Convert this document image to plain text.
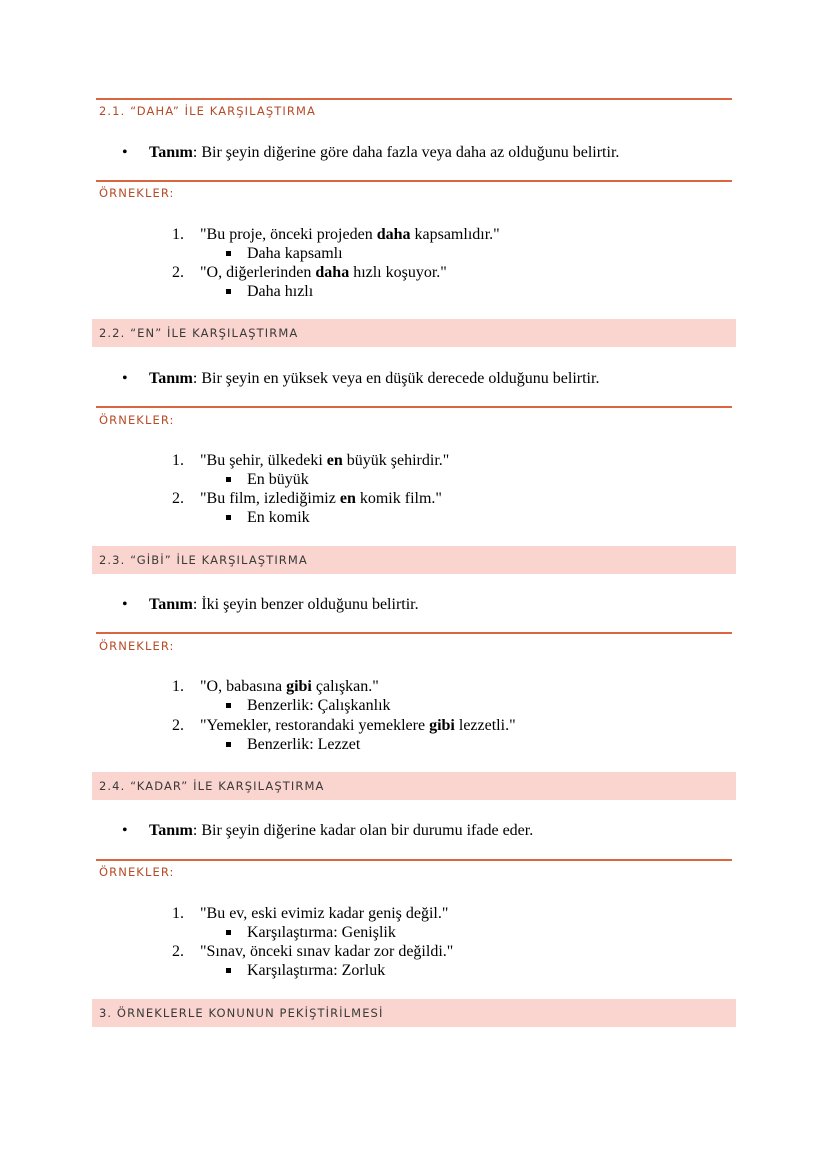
2.1. “DAHA” İLE KARŞILAŞTIRMA
• Tanım: Bir şeyin diğerine göre daha fazla veya daha az olduğunu belirtir.
ÖRNEKLER:
1. "Bu proje, önceki projeden daha kapsamlıdır."
Daha kapsamlı
2. "O, diğerlerinden daha hızlı koşuyor."
Daha hızlı
2.2. “EN” İLE KARŞILAŞTIRMA
• Tanım: Bir şeyin en yüksek veya en düşük derecede olduğunu belirtir.
ÖRNEKLER:
1. "Bu şehir, ülkedeki en büyük şehirdir."
En büyük
2. "Bu film, izlediğimiz en komik film."
En komik
2.3. “GİBİ” İLE KARŞILAŞTIRMA
• Tanım: İki şeyin benzer olduğunu belirtir.
ÖRNEKLER:
1. "O, babasına gibi çalışkan."
Benzerlik: Çalışkanlık
2. "Yemekler, restorandaki yemeklere gibi lezzetli."
Benzerlik: Lezzet
2.4. “KADAR” İLE KARŞILAŞTIRMA
• Tanım: Bir şeyin diğerine kadar olan bir durumu ifade eder.
ÖRNEKLER:
1. "Bu ev, eski evimiz kadar geniş değil."
Karşılaştırma: Genişlik
2. "Sınav, önceki sınav kadar zor değildi."
Karşılaştırma: Zorluk
3. ÖRNEKLERLE KONUNUN PEKİŞTİRİLMESİ
